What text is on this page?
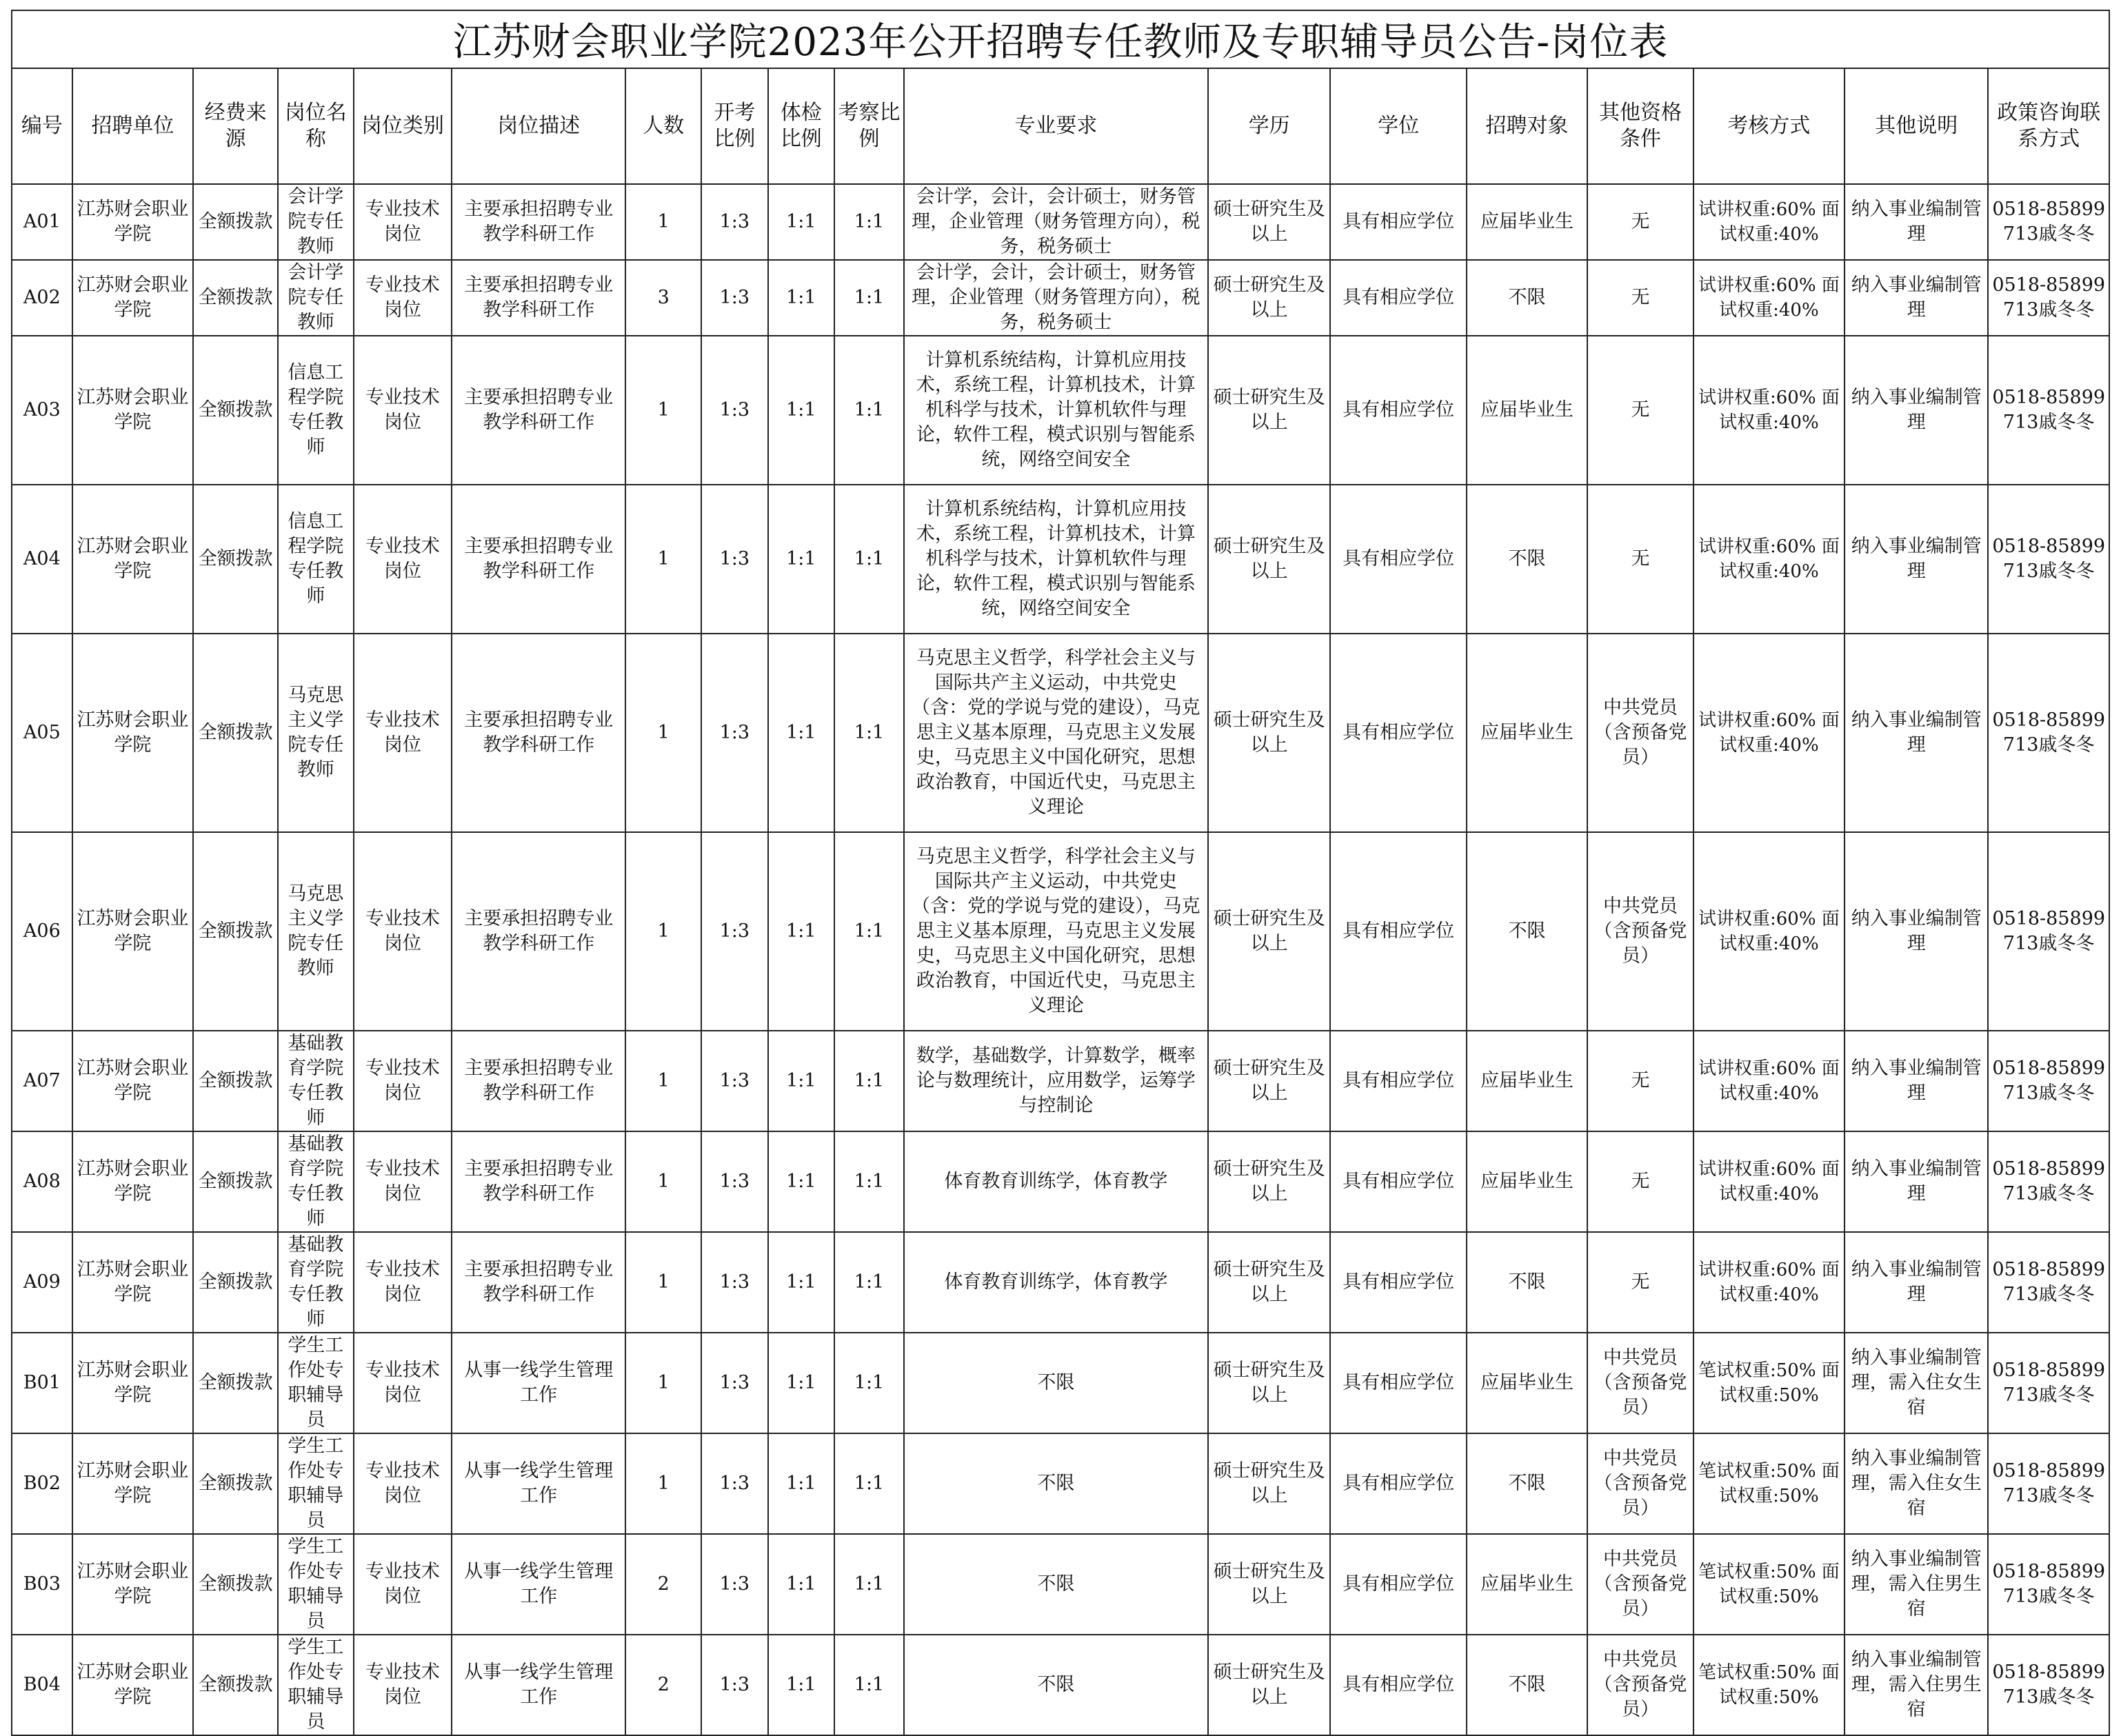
江苏财会职业学院2023年公开招聘专任教师及专职辅导员公告-岗位表
编号	招聘单位	经费来源	岗位名称	岗位类别	岗位描述	人数	开考比例	体检比例	考察比例	专业要求	学历	学位	招聘对象	其他资格条件	考核方式	其他说明	政策咨询联系方式
A01	江苏财会职业学院	全额拨款	会计学院专任教师	专业技术岗位	主要承担招聘专业教学科研工作	1	1:3	1:1	1:1	会计学，会计，会计硕士，财务管理，企业管理（财务管理方向），税务，税务硕士	硕士研究生及以上	具有相应学位	应届毕业生	无	试讲权重:60% 面试权重:40%	纳入事业编制管理	0518-85899713戚冬冬
A02	江苏财会职业学院	全额拨款	会计学院专任教师	专业技术岗位	主要承担招聘专业教学科研工作	3	1:3	1:1	1:1	会计学，会计，会计硕士，财务管理，企业管理（财务管理方向），税务，税务硕士	硕士研究生及以上	具有相应学位	不限	无	试讲权重:60% 面试权重:40%	纳入事业编制管理	0518-85899713戚冬冬
A03	江苏财会职业学院	全额拨款	信息工程学院专任教师	专业技术岗位	主要承担招聘专业教学科研工作	1	1:3	1:1	1:1	计算机系统结构，计算机应用技术，系统工程，计算机技术，计算机科学与技术，计算机软件与理论，软件工程，模式识别与智能系统，网络空间安全	硕士研究生及以上	具有相应学位	应届毕业生	无	试讲权重:60% 面试权重:40%	纳入事业编制管理	0518-85899713戚冬冬
A04	江苏财会职业学院	全额拨款	信息工程学院专任教师	专业技术岗位	主要承担招聘专业教学科研工作	1	1:3	1:1	1:1	计算机系统结构，计算机应用技术，系统工程，计算机技术，计算机科学与技术，计算机软件与理论，软件工程，模式识别与智能系统，网络空间安全	硕士研究生及以上	具有相应学位	不限	无	试讲权重:60% 面试权重:40%	纳入事业编制管理	0518-85899713戚冬冬
A05	江苏财会职业学院	全额拨款	马克思主义学院专任教师	专业技术岗位	主要承担招聘专业教学科研工作	1	1:3	1:1	1:1	马克思主义哲学，科学社会主义与国际共产主义运动，中共党史（含：党的学说与党的建设），马克思主义基本原理，马克思主义发展史，马克思主义中国化研究，思想政治教育，中国近代史，马克思主义理论	硕士研究生及以上	具有相应学位	应届毕业生	中共党员（含预备党员）	试讲权重:60% 面试权重:40%	纳入事业编制管理	0518-85899713戚冬冬
A06	江苏财会职业学院	全额拨款	马克思主义学院专任教师	专业技术岗位	主要承担招聘专业教学科研工作	1	1:3	1:1	1:1	马克思主义哲学，科学社会主义与国际共产主义运动，中共党史（含：党的学说与党的建设），马克思主义基本原理，马克思主义发展史，马克思主义中国化研究，思想政治教育，中国近代史，马克思主义理论	硕士研究生及以上	具有相应学位	不限	中共党员（含预备党员）	试讲权重:60% 面试权重:40%	纳入事业编制管理	0518-85899713戚冬冬
A07	江苏财会职业学院	全额拨款	基础教育学院专任教师	专业技术岗位	主要承担招聘专业教学科研工作	1	1:3	1:1	1:1	数学，基础数学，计算数学，概率论与数理统计，应用数学，运筹学与控制论	硕士研究生及以上	具有相应学位	应届毕业生	无	试讲权重:60% 面试权重:40%	纳入事业编制管理	0518-85899713戚冬冬
A08	江苏财会职业学院	全额拨款	基础教育学院专任教师	专业技术岗位	主要承担招聘专业教学科研工作	1	1:3	1:1	1:1	体育教育训练学，体育教学	硕士研究生及以上	具有相应学位	应届毕业生	无	试讲权重:60% 面试权重:40%	纳入事业编制管理	0518-85899713戚冬冬
A09	江苏财会职业学院	全额拨款	基础教育学院专任教师	专业技术岗位	主要承担招聘专业教学科研工作	1	1:3	1:1	1:1	体育教育训练学，体育教学	硕士研究生及以上	具有相应学位	不限	无	试讲权重:60% 面试权重:40%	纳入事业编制管理	0518-85899713戚冬冬
B01	江苏财会职业学院	全额拨款	学生工作处专职辅导员	专业技术岗位	从事一线学生管理工作	1	1:3	1:1	1:1	不限	硕士研究生及以上	具有相应学位	应届毕业生	中共党员（含预备党员）	笔试权重:50% 面试权重:50%	纳入事业编制管理，需入住女生宿	0518-85899713戚冬冬
B02	江苏财会职业学院	全额拨款	学生工作处专职辅导员	专业技术岗位	从事一线学生管理工作	1	1:3	1:1	1:1	不限	硕士研究生及以上	具有相应学位	不限	中共党员（含预备党员）	笔试权重:50% 面试权重:50%	纳入事业编制管理，需入住女生宿	0518-85899713戚冬冬
B03	江苏财会职业学院	全额拨款	学生工作处专职辅导员	专业技术岗位	从事一线学生管理工作	2	1:3	1:1	1:1	不限	硕士研究生及以上	具有相应学位	应届毕业生	中共党员（含预备党员）	笔试权重:50% 面试权重:50%	纳入事业编制管理，需入住男生宿	0518-85899713戚冬冬
B04	江苏财会职业学院	全额拨款	学生工作处专职辅导员	专业技术岗位	从事一线学生管理工作	2	1:3	1:1	1:1	不限	硕士研究生及以上	具有相应学位	不限	中共党员（含预备党员）	笔试权重:50% 面试权重:50%	纳入事业编制管理，需入住男生宿	0518-85899713戚冬冬
